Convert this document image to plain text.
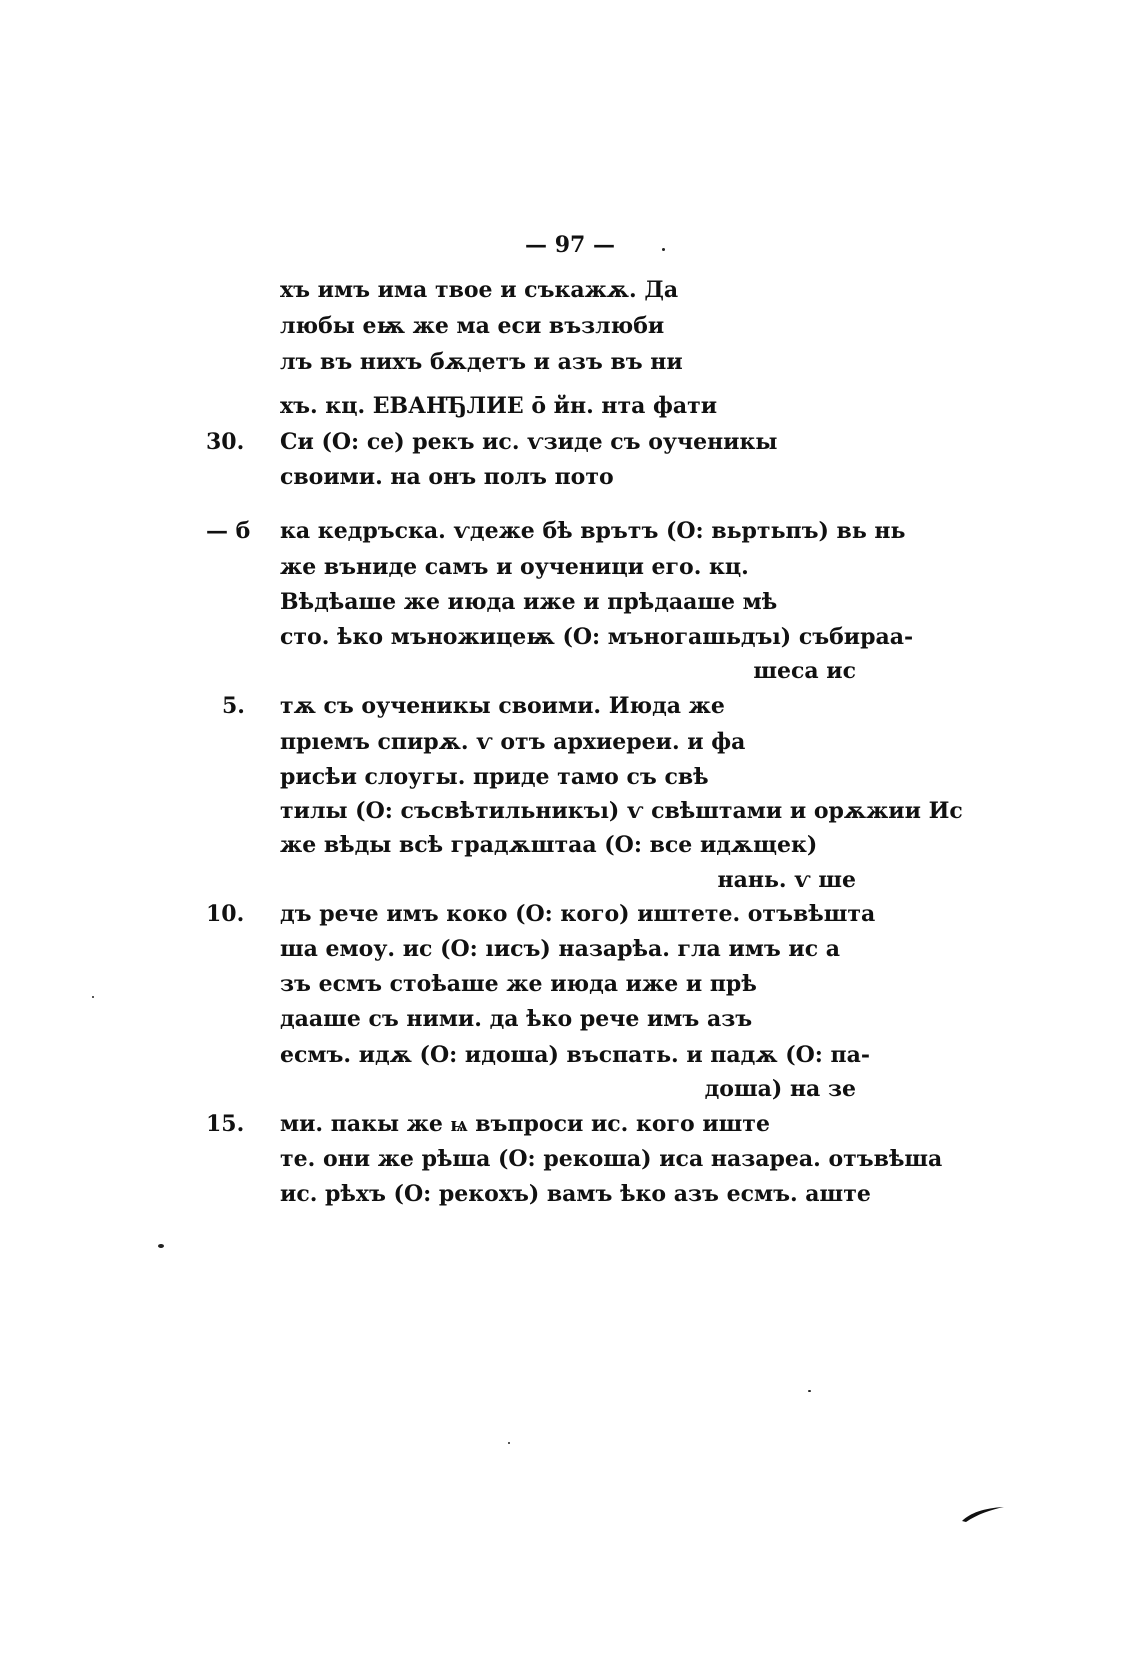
— 97 —
хъ имъ има твое и съкажѫ. Да
любы еѭ же ма еси възлюби
лъ въ нихъ бѫдетъ и азъ въ ни
хъ. кц. ЕВАНЂЛИЕ ō йн. нта фати
Си (О: се) рекъ ис. ѵзиде съ оученикы
своими. на онъ полъ пото
ка кедръска. ѵдеже бѣ врътъ (О: вьртьпъ) вь нь
же вънидe самъ и оученици его. кц.
Вѣдѣаше же июда иже и прѣдааше мѣ
сто. ѣко мъножицеѭ (О: мъногашьдъı) събираа-
шеса ис
тѫ съ оученикы своими. Июда же
прıемъ спирѫ. ѵ отъ архиереи. и фа
рисѣи слоугы. приде тамо съ свѣ
тилы (О: съсвѣтильникъı) ѵ свѣштами и орѫжии Ис
же вѣды всѣ градѫштаа (О: все идѫщек)
нань. ѵ ше
дъ рече имъ коко (О: кого) иштете. отъвѣшта
ша емоу. ис (О: ıисъ) назарѣа. гла имъ ис а
зъ есмъ стоѣаше же июда иже и прѣ
дааше съ ними. да ѣко рече имъ азъ
есмъ. идѫ (О: идоша) въспать. и падѫ (О: па-
доша) на зе
ми. пакы же ѩ въпроси ис. кого иште
те. они же рѣша (О: рекоша) иса назареа. отъвѣша
ис. рѣхъ (О: рекохъ) вамъ ѣко азъ есмъ. аште
30.
— б
5.
10.
15.
